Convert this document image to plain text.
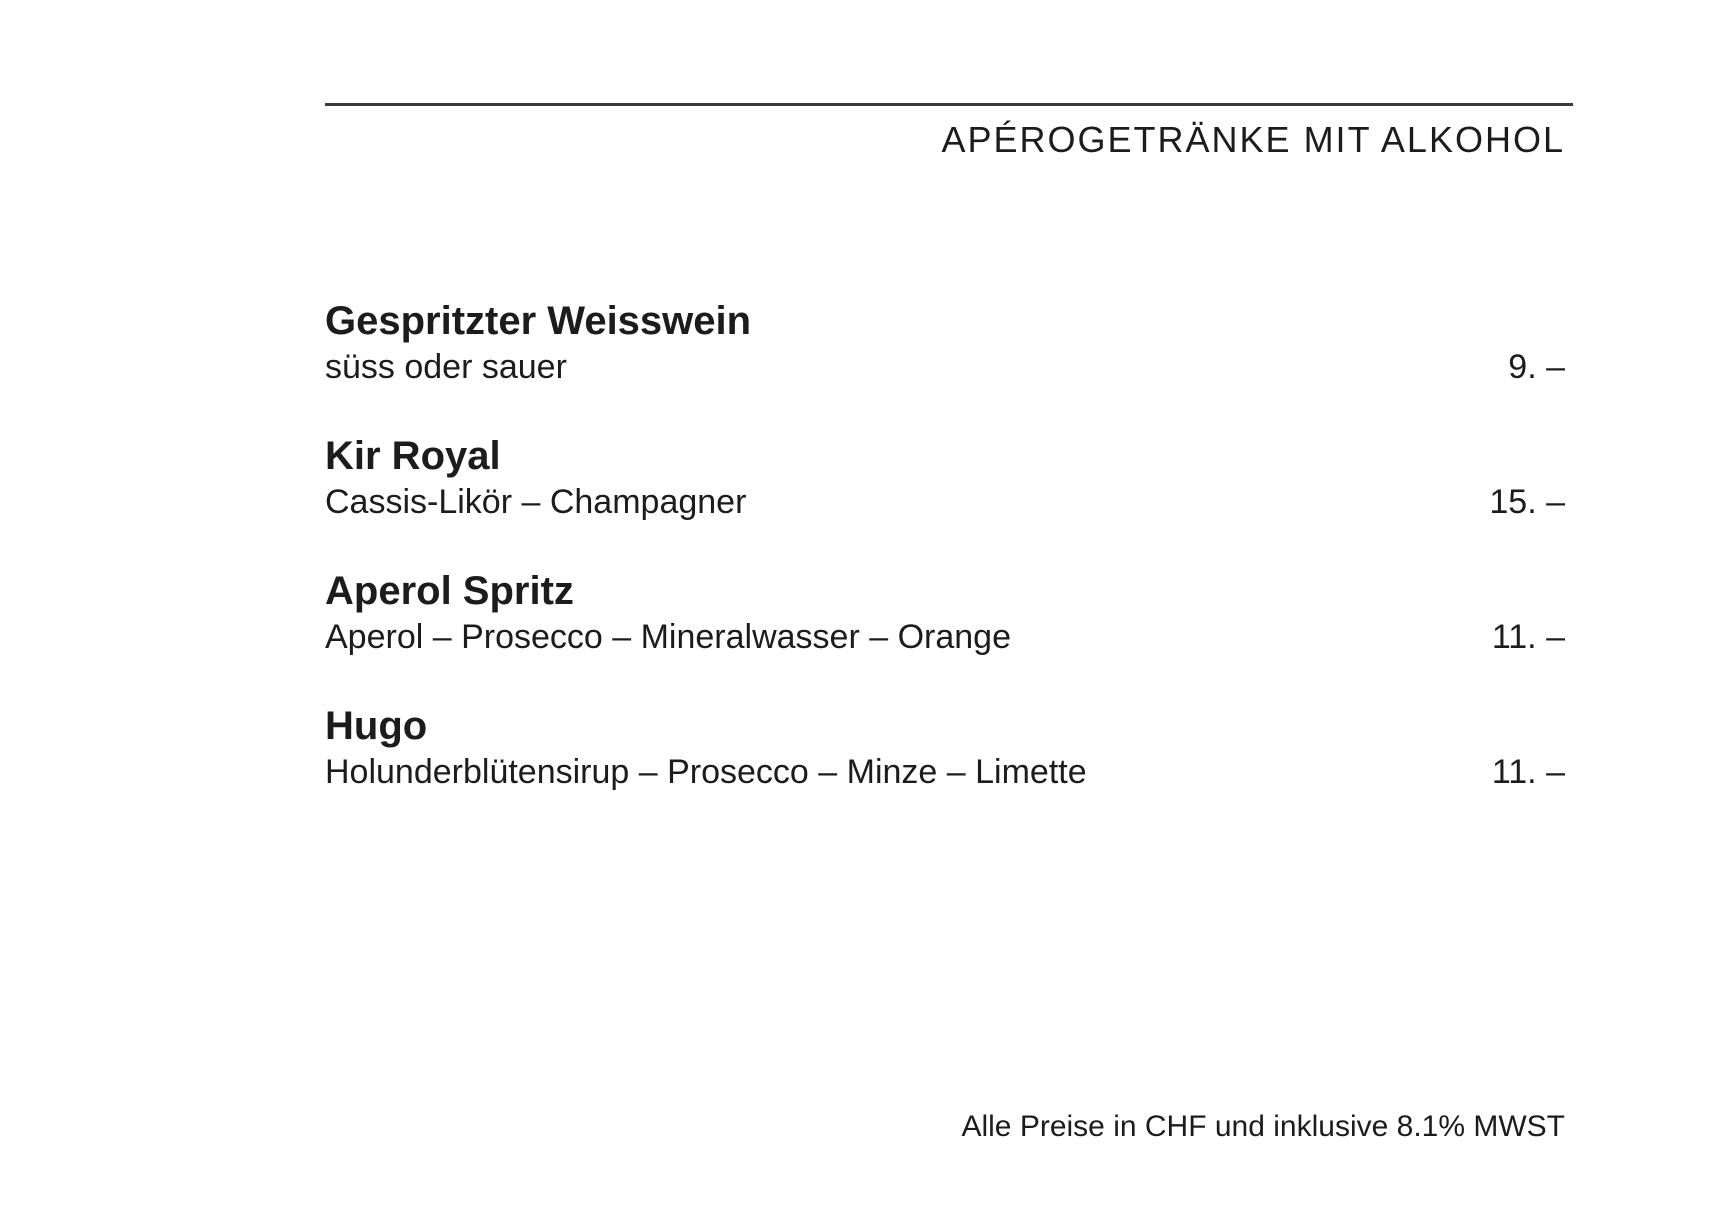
APÉROGETRÄNKE MIT ALKOHOL
Gespritzter Weisswein
süss oder sauer	9. –
Kir Royal
Cassis-Likör – Champagner	15. –
Aperol Spritz
Aperol – Prosecco – Mineralwasser – Orange	11. –
Hugo
Holunderblütensirup – Prosecco – Minze – Limette	11. –
Alle Preise in CHF und inklusive 8.1% MWST
